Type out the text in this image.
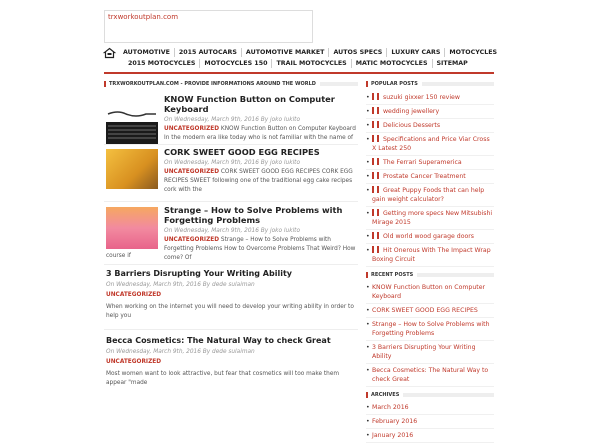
trxworkoutplan.com
AUTOMOTIVE	2015 AUTOCARS	AUTOMOTIVE MARKET	AUTOS SPECS	LUXURY CARS	MOTOCYCLES
2015 MOTOCYCLES	MOTOCYCLES 150	TRAIL MOTOCYCLES	MATIC MOTOCYCLES	SITEMAP
TRXWORKOUTPLAN.COM - PROVIDE INFORMATIONS AROUND THE WORLD
KNOW Function Button on Computer Keyboard
On Wednesday, March 9th, 2016 By joko lukito
UNCATEGORIZED KNOW Function Button on Computer Keyboard In the modern era like today who is not familiar with the name of
CORK SWEET GOOD EGG RECIPES
On Wednesday, March 9th, 2016 By joko lukito
UNCATEGORIZED CORK SWEET GOOD EGG RECIPES CORK EGG RECIPES SWEET following one of the traditional egg cake recipes cork with the
Strange – How to Solve Problems with Forgetting Problems
On Wednesday, March 9th, 2016 By joko lukito
UNCATEGORIZED Strange – How to Solve Problems with Forgetting Problems How to Overcome Problems That Weird? How come? Of
course if
3 Barriers Disrupting Your Writing Ability
On Wednesday, March 9th, 2016 By dede sulaiman
UNCATEGORIZED
When working on the internet you will need to develop your writing ability in order to help you
Becca Cosmetics: The Natural Way to check Great
On Wednesday, March 9th, 2016 By dede sulaiman
UNCATEGORIZED
Most women want to look attractive, but fear that cosmetics will too make them appear "made
POPULAR POSTS
• suzuki gixxer 150 review
• wedding jewellery
• Delicious Desserts
• Specifications and Price Viar Cross X Latest 250
• The Ferrari Superamerica
• Prostate Cancer Treatment
• Great Puppy Foods that can help gain weight calculator?
• Getting more specs New Mitsubishi Mirage 2015
• Old world wood garage doors
• Hit Onerous With The Impact Wrap Boxing Circuit
RECENT POSTS
• KNOW Function Button on Computer Keyboard
• CORK SWEET GOOD EGG RECIPES
• Strange – How to Solve Problems with Forgetting Problems
• 3 Barriers Disrupting Your Writing Ability
• Becca Cosmetics: The Natural Way to check Great
ARCHIVES
• March 2016
• February 2016
• January 2016
